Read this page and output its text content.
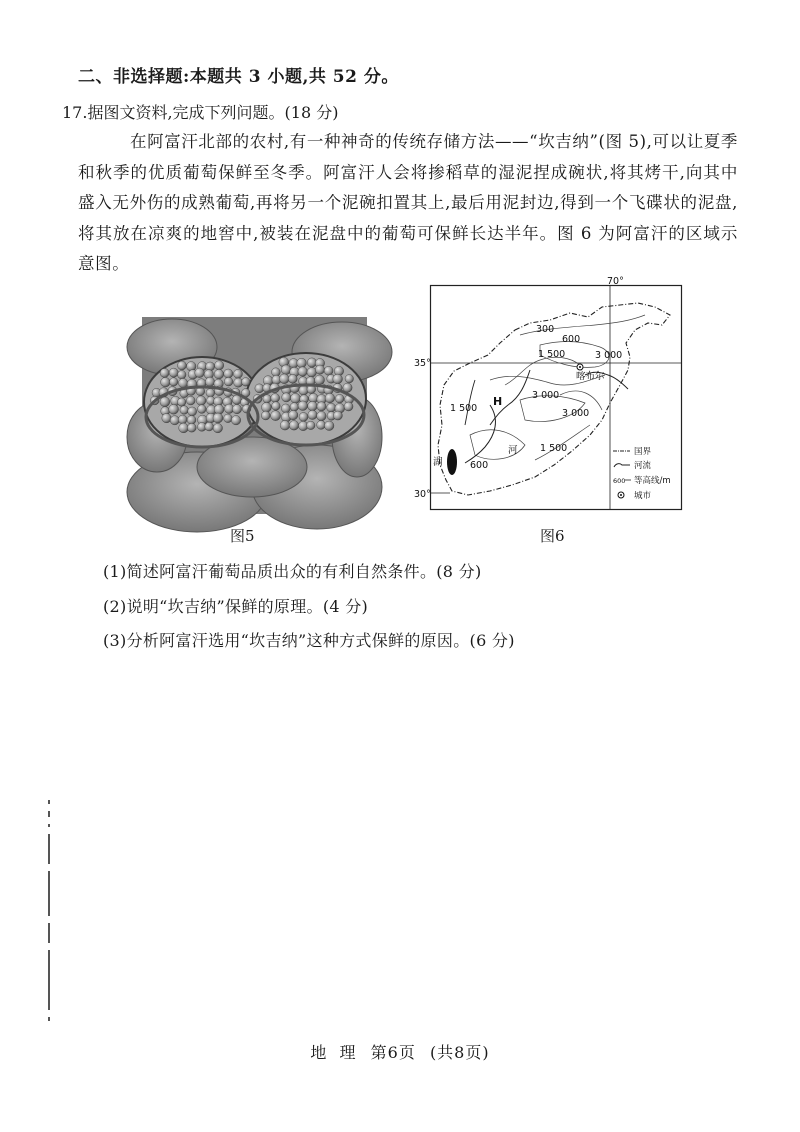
二、非选择题:本题共 3 小题,共 52 分。
17.据图文资料,完成下列问题。(18 分)
在阿富汗北部的农村,有一种神奇的传统存储方法——“坎吉纳”(图 5),可以让夏季和秋季的优质葡萄保鲜至冬季。阿富汗人会将掺稻草的湿泥捏成碗状,将其烤干,向其中盛入无外伤的成熟葡萄,再将另一个泥碗扣置其上,最后用泥封边,得到一个飞碟状的泥盘,将其放在凉爽的地窖中,被装在泥盘中的葡萄可保鲜长达半年。图 6 为阿富汗的区域示意图。
图5
70°
35°
30°
300
600
1 500	3 000
1 500
3 000
3 000
1 500
600
喀布尔
H
河
湖
国界
河流
600 等高线/m
城市
图6
(1)简述阿富汗葡萄品质出众的有利自然条件。(8 分)
(2)说明“坎吉纳”保鲜的原理。(4 分)
(3)分析阿富汗选用“坎吉纳”这种方式保鲜的原因。(6 分)
地  理 第6页 (共8页)
